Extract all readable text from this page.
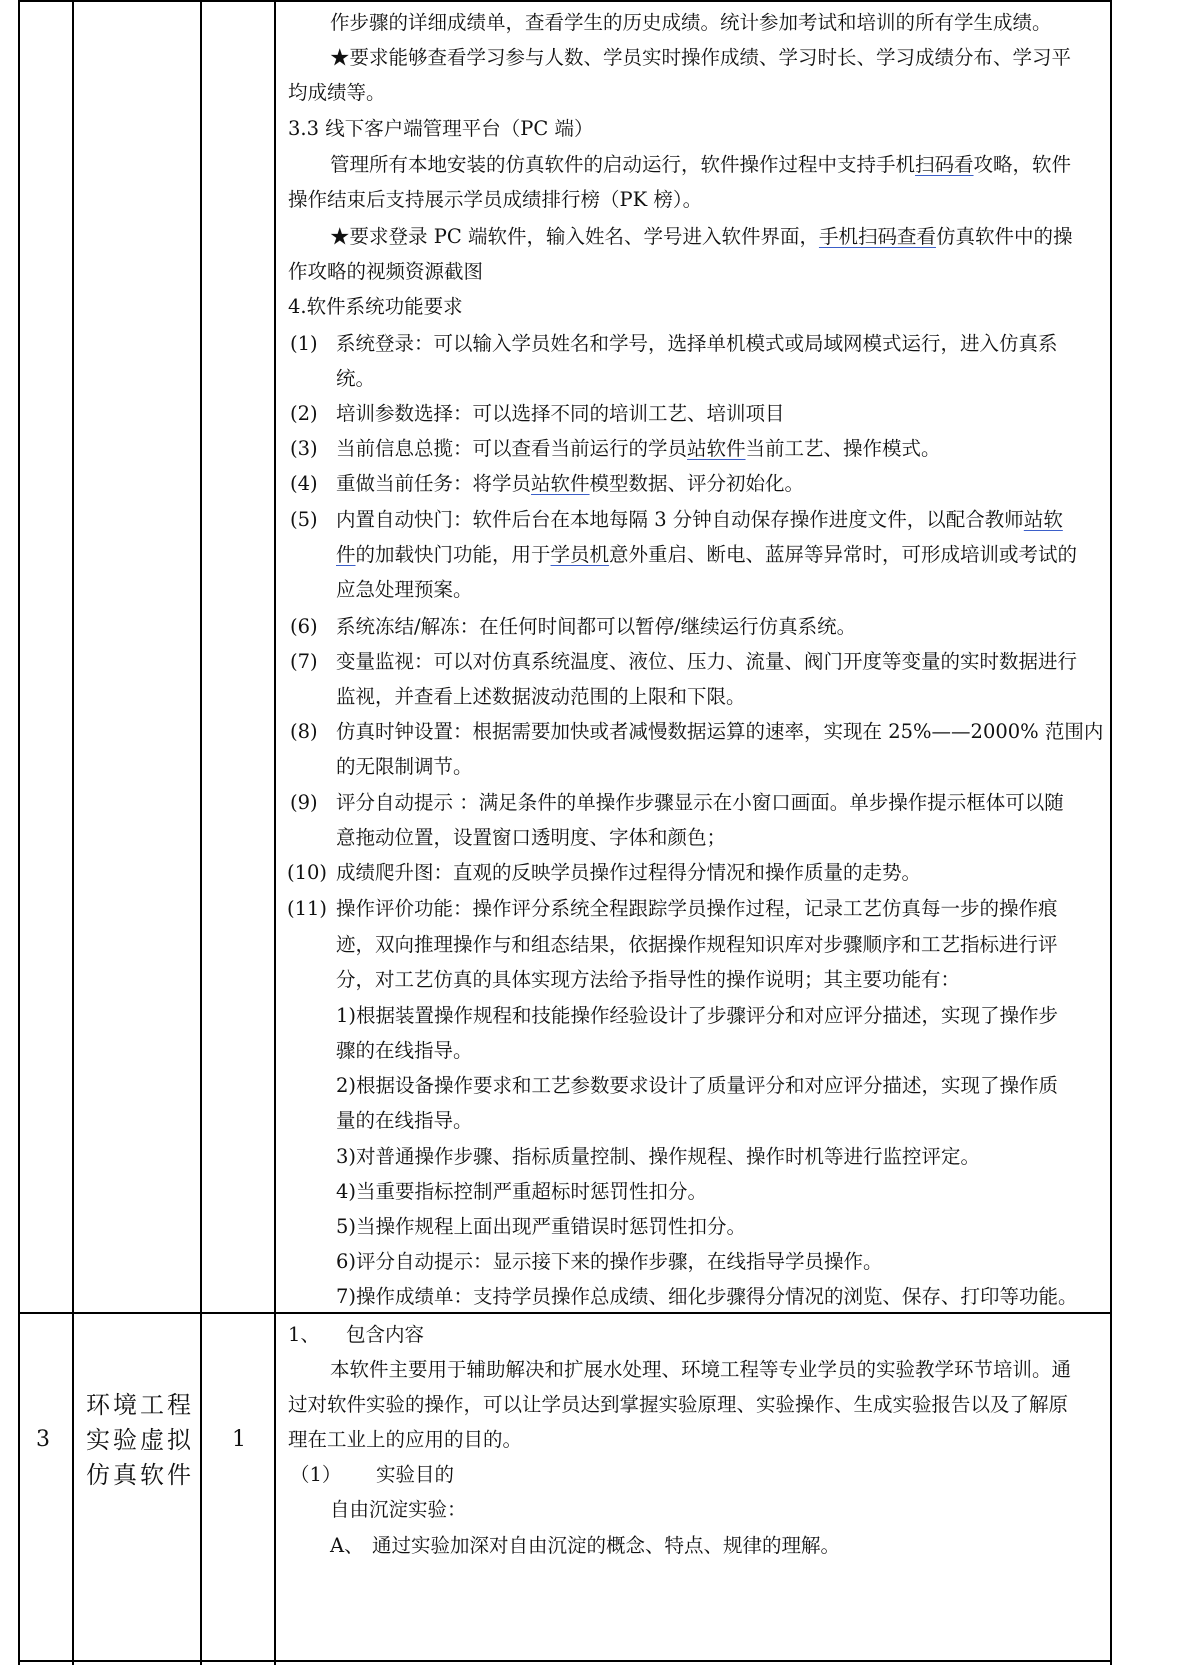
作步骤的详细成绩单，查看学生的历史成绩。统计参加考试和培训的所有学生成绩。
★要求能够查看学习参与人数、学员实时操作成绩、学习时长、学习成绩分布、学习平
均成绩等。
3.3 线下客户端管理平台（PC 端）
管理所有本地安装的仿真软件的启动运行，软件操作过程中支持手机扫码看攻略，软件
操作结束后支持展示学员成绩排行榜（PK 榜）。
★要求登录 PC 端软件，输入姓名、学号进入软件界面，手机扫码查看仿真软件中的操
作攻略的视频资源截图
4.软件系统功能要求
(1) 系统登录：可以输入学员姓名和学号，选择单机模式或局域网模式运行，进入仿真系
统。
(2) 培训参数选择：可以选择不同的培训工艺、培训项目
(3) 当前信息总揽：可以查看当前运行的学员站软件当前工艺、操作模式。
(4) 重做当前任务：将学员站软件模型数据、评分初始化。
(5) 内置自动快门：软件后台在本地每隔 3 分钟自动保存操作进度文件，以配合教师站软
件的加载快门功能，用于学员机意外重启、断电、蓝屏等异常时，可形成培训或考试的
应急处理预案。
(6) 系统冻结/解冻：在任何时间都可以暂停/继续运行仿真系统。
(7) 变量监视：可以对仿真系统温度、液位、压力、流量、阀门开度等变量的实时数据进行
监视，并查看上述数据波动范围的上限和下限。
(8) 仿真时钟设置：根据需要加快或者减慢数据运算的速率，实现在 25%——2000% 范围内
的无限制调节。
(9) 评分自动提示 ：满足条件的单操作步骤显示在小窗口画面。单步操作提示框体可以随
意拖动位置，设置窗口透明度、字体和颜色；
(10) 成绩爬升图：直观的反映学员操作过程得分情况和操作质量的走势。
(11) 操作评价功能：操作评分系统全程跟踪学员操作过程，记录工艺仿真每一步的操作痕
迹，双向推理操作与和组态结果，依据操作规程知识库对步骤顺序和工艺指标进行评
分，对工艺仿真的具体实现方法给予指导性的操作说明；其主要功能有：
1)根据装置操作规程和技能操作经验设计了步骤评分和对应评分描述，实现了操作步
骤的在线指导。
2)根据设备操作要求和工艺参数要求设计了质量评分和对应评分描述，实现了操作质
量的在线指导。
3)对普通操作步骤、指标质量控制、操作规程、操作时机等进行监控评定。
4)当重要指标控制严重超标时惩罚性扣分。
5)当操作规程上面出现严重错误时惩罚性扣分。
6)评分自动提示：显示接下来的操作步骤，在线指导学员操作。
7)操作成绩单：支持学员操作总成绩、细化步骤得分情况的浏览、保存、打印等功能。
3
环境工程
实验虚拟
仿真软件
1
1、 包含内容
本软件主要用于辅助解决和扩展水处理、环境工程等专业学员的实验教学环节培训。通
过对软件实验的操作，可以让学员达到掌握实验原理、实验操作、生成实验报告以及了解原
理在工业上的应用的目的。
（1） 实验目的
自由沉淀实验：
A、 通过实验加深对自由沉淀的概念、特点、规律的理解。
